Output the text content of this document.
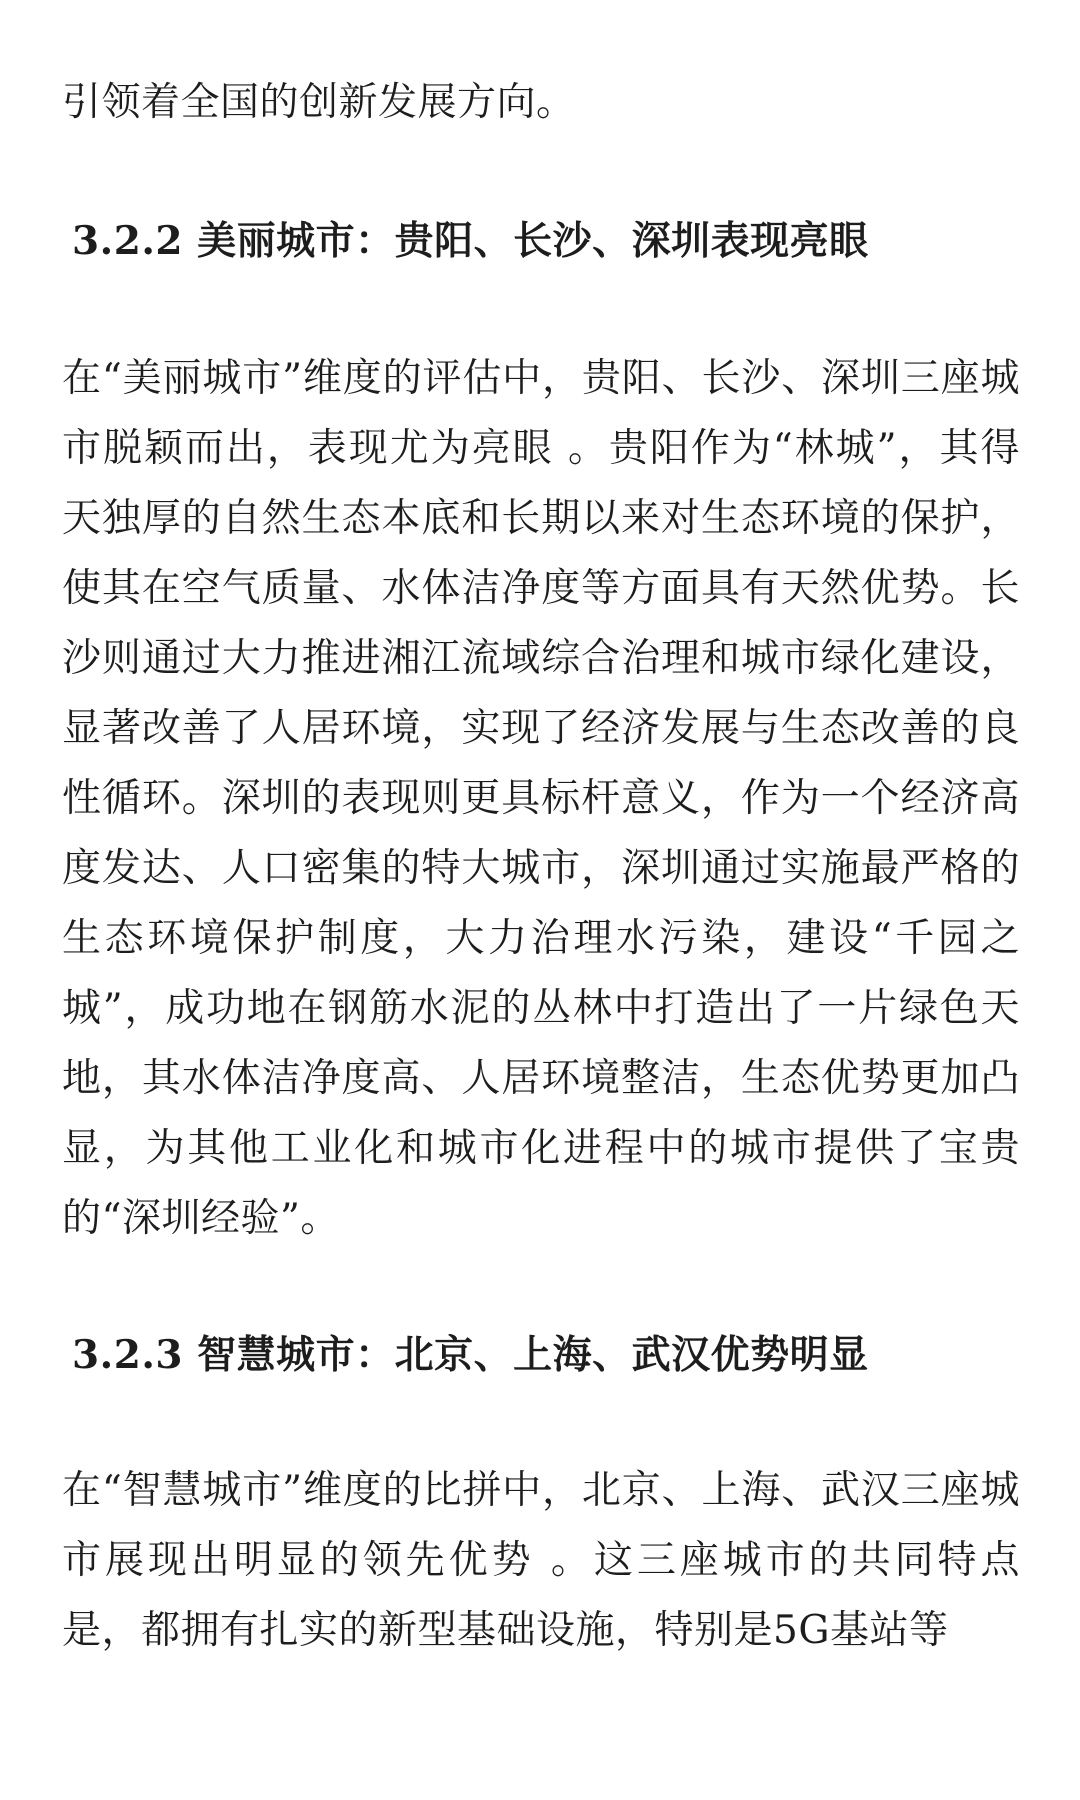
引领着全国的创新发展方向。

3.2.2 美丽城市：贵阳、长沙、深圳表现亮眼

在“美丽城市”维度的评估中，贵阳、长沙、深圳三座城市脱颖而出，表现尤为亮眼 。贵阳作为“林城”，其得天独厚的自然生态本底和长期以来对生态环境的保护，使其在空气质量、水体洁净度等方面具有天然优势。长沙则通过大力推进湘江流域综合治理和城市绿化建设，显著改善了人居环境，实现了经济发展与生态改善的良性循环。深圳的表现则更具标杆意义，作为一个经济高度发达、人口密集的特大城市，深圳通过实施最严格的生态环境保护制度，大力治理水污染，建设“千园之城”，成功地在钢筋水泥的丛林中打造出了一片绿色天地，其水体洁净度高、人居环境整洁，生态优势更加凸显，为其他工业化和城市化进程中的城市提供了宝贵的“深圳经验”。

3.2.3 智慧城市：北京、上海、武汉优势明显

在“智慧城市”维度的比拼中，北京、上海、武汉三座城市展现出明显的领先优势 。这三座城市的共同特点是，都拥有扎实的新型基础设施，特别是5G基站等
